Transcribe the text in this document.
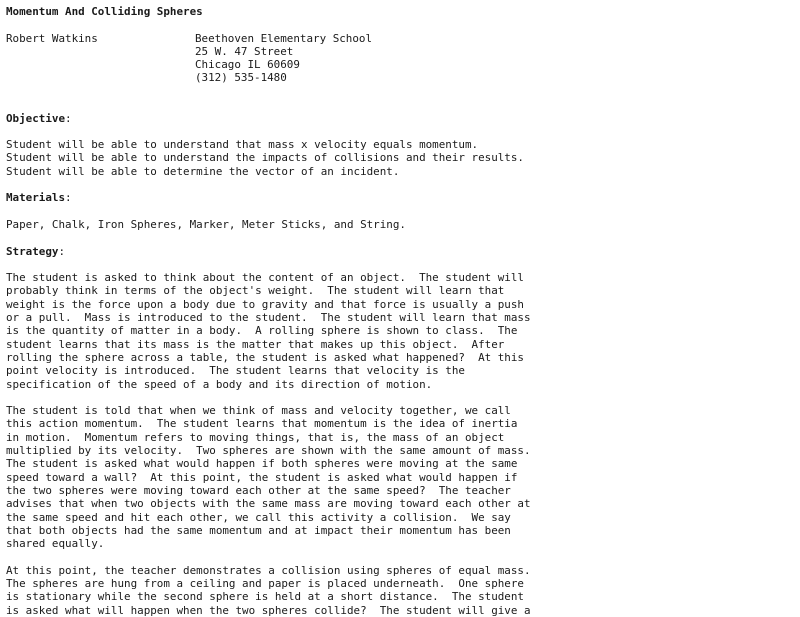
Momentum And Colliding Spheres
Robert Watkins	Beethoven Elementary School
25 W. 47 Street
Chicago IL 60609
(312) 535-1480
Objective:
Student will be able to understand that mass x velocity equals momentum.
Student will be able to understand the impacts of collisions and their results.
Student will be able to determine the vector of an incident.
Materials:
Paper, Chalk, Iron Spheres, Marker, Meter Sticks, and String.
Strategy:
The student is asked to think about the content of an object.  The student will
probably think in terms of the object's weight.  The student will learn that
weight is the force upon a body due to gravity and that force is usually a push
or a pull.  Mass is introduced to the student.  The student will learn that mass
is the quantity of matter in a body.  A rolling sphere is shown to class.  The
student learns that its mass is the matter that makes up this object.  After
rolling the sphere across a table, the student is asked what happened?  At this
point velocity is introduced.  The student learns that velocity is the
specification of the speed of a body and its direction of motion.
The student is told that when we think of mass and velocity together, we call
this action momentum.  The student learns that momentum is the idea of inertia
in motion.  Momentum refers to moving things, that is, the mass of an object
multiplied by its velocity.  Two spheres are shown with the same amount of mass.
The student is asked what would happen if both spheres were moving at the same
speed toward a wall?  At this point, the student is asked what would happen if
the two spheres were moving toward each other at the same speed?  The teacher
advises that when two objects with the same mass are moving toward each other at
the same speed and hit each other, we call this activity a collision.  We say
that both objects had the same momentum and at impact their momentum has been
shared equally.
At this point, the teacher demonstrates a collision using spheres of equal mass.
The spheres are hung from a ceiling and paper is placed underneath.  One sphere
is stationary while the second sphere is held at a short distance.  The student
is asked what will happen when the two spheres collide?  The student will give a
